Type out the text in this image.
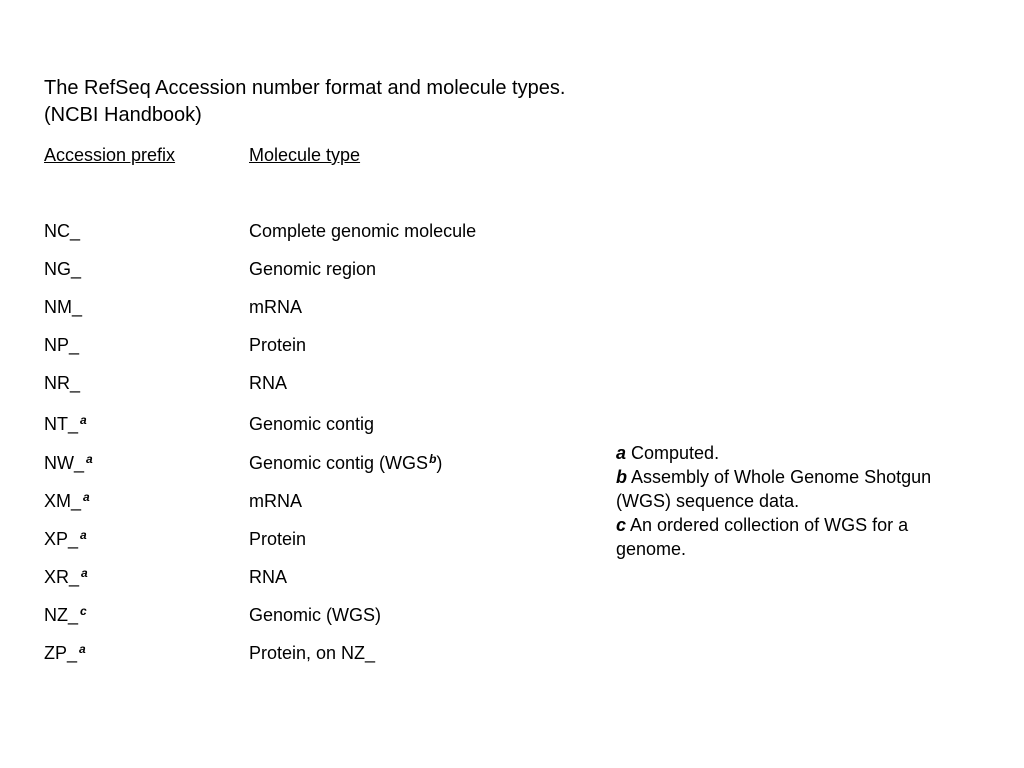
The RefSeq Accession number format and molecule types.
(NCBI Handbook)
Accession prefix	Molecule type
NC_	Complete genomic molecule
NG_	Genomic region
NM_	mRNA
NP_	Protein
NR_	RNA
NT_ $^a$	Genomic contig
NW_ $^a$	Genomic contig (WGS$^b$)
XM_ $^a$	mRNA
XP_ $^a$	Protein
XR_ $^a$	RNA
NZ_ $^c$	Genomic (WGS)
ZP_ $^a$	Protein, on NZ_
a Computed.
b Assembly of Whole Genome Shotgun (WGS) sequence data.
c An ordered collection of WGS for a genome.
